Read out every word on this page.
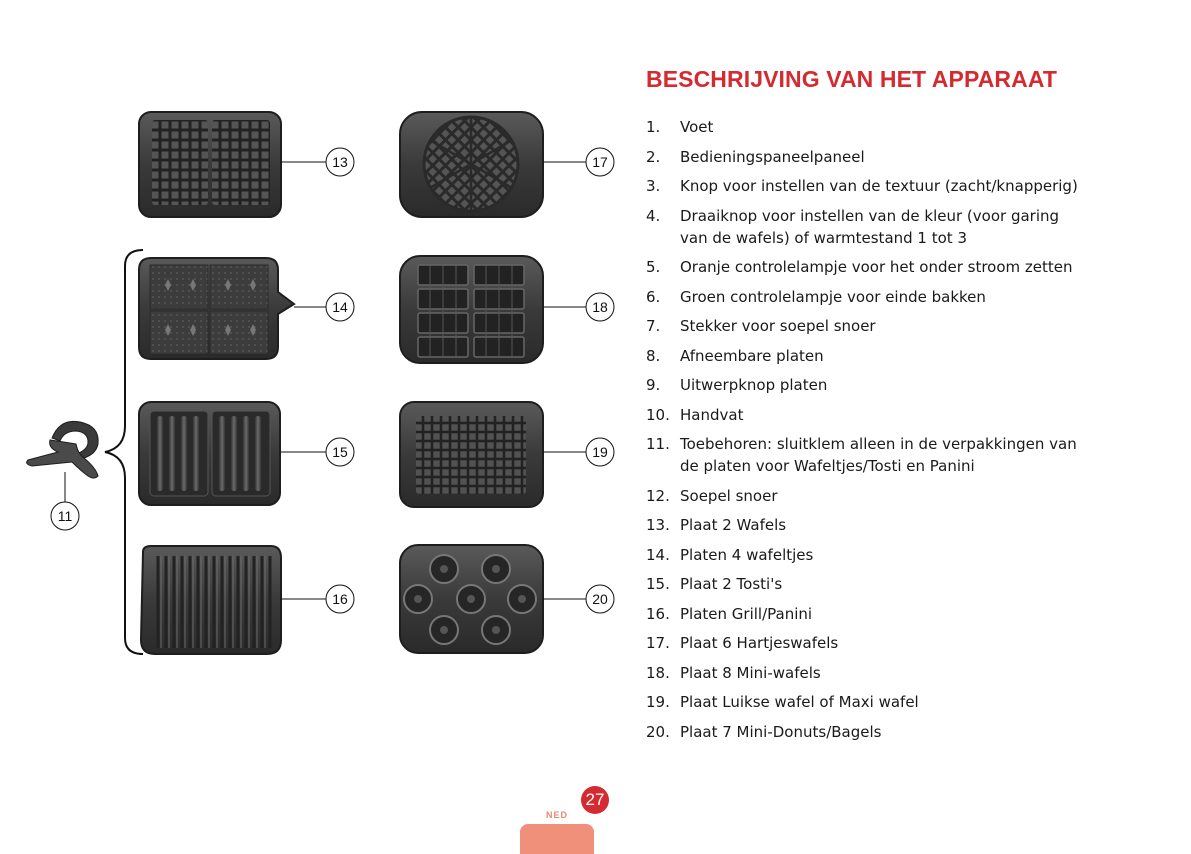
13	17
14	18
15	19
16	20
11
BESCHRIJVING VAN HET APPARAAT
1.	Voet
2.	Bedieningspaneelpaneel
3.	Knop voor instellen van de textuur (zacht/knapperig)
4.	Draaiknop voor instellen van de kleur (voor garing van de wafels) of warmtestand 1 tot 3
5.	Oranje controlelampje voor het onder stroom zetten
6.	Groen controlelampje voor einde bakken
7.	Stekker voor soepel snoer
8.	Afneembare platen
9.	Uitwerpknop platen
10. Handvat
11. Toebehoren: sluitklem alleen in de verpakkingen van de platen voor Wafeltjes/Tosti en Panini
12. Soepel snoer
13. Plaat 2 Wafels
14. Platen 4 wafeltjes
15. Plaat 2 Tosti's
16. Platen Grill/Panini
17. Plaat 6 Hartjeswafels
18. Plaat 8 Mini-wafels
19. Plaat Luikse wafel of Maxi wafel
20. Plaat 7 Mini-Donuts/Bagels
27
NED
